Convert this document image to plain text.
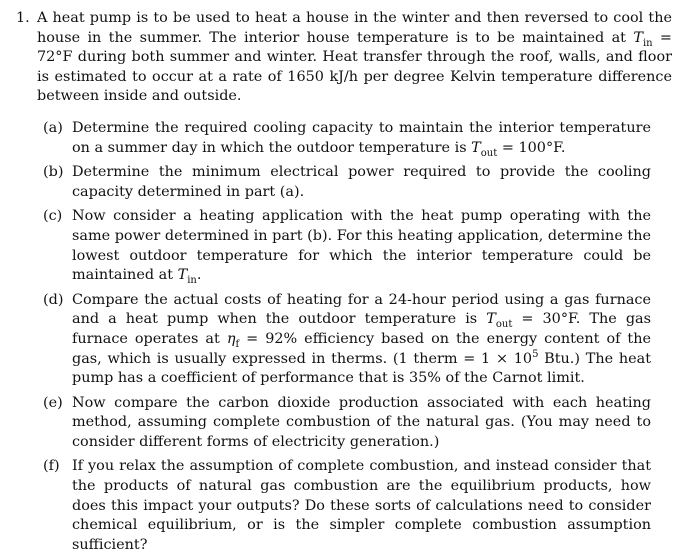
1. A heat pump is to be used to heat a house in the winter and then reversed to cool the house in the summer. The interior house temperature is to be maintained at $T_{in} = 72^\circ F$ during both summer and winter. Heat transfer through the roof, walls, and floor is estimated to occur at a rate of 1650 kJ/h per degree Kelvin temperature difference between inside and outside.

(a) Determine the required cooling capacity to maintain the interior temperature on a summer day in which the outdoor temperature is $T_{out} = 100^\circ F$.
(b) Determine the minimum electrical power required to provide the cooling capacity determined in part (a).
(c) Now consider a heating application with the heat pump operating with the same power determined in part (b). For this heating application, determine the lowest outdoor temperature for which the interior temperature could be maintained at $T_{in}$.
(d) Compare the actual costs of heating for a 24-hour period using a gas furnace and a heat pump when the outdoor temperature is $T_{out} = 30^\circ F$. The gas furnace operates at $\eta_f = 92\%$ efficiency based on the energy content of the gas, which is usually expressed in therms. (1 therm = $1 \times 10^5$ Btu.) The heat pump has a coefficient of performance that is 35% of the Carnot limit.
(e) Now compare the carbon dioxide production associated with each heating method, assuming complete combustion of the natural gas. (You may need to consider different forms of electricity generation.)
(f) If you relax the assumption of complete combustion, and instead consider that the products of natural gas combustion are the equilibrium products, how does this impact your outputs? Do these sorts of calculations need to consider chemical equilibrium, or is the simpler complete combustion assumption sufficient?
